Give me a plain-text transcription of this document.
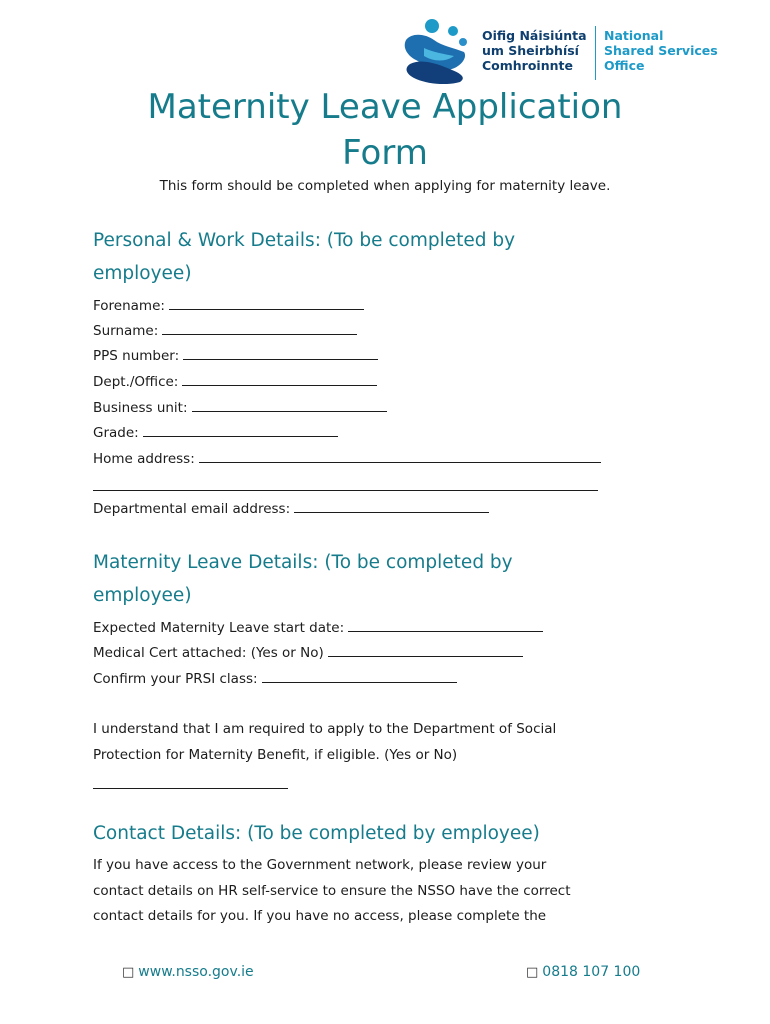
Oifig Náisiúnta
um Sheirbhísí
Comhroinnte
National
Shared Services
Office
Maternity Leave Application
Form
This form should be completed when applying for maternity leave.
Personal & Work Details: (To be completed by
employee)
Forename:
Surname:
PPS number:
Dept./Office:
Business unit:
Grade:
Home address:
Departmental email address:
Maternity Leave Details: (To be completed by
employee)
Expected Maternity Leave start date:
Medical Cert attached: (Yes or No)
Confirm your PRSI class:

I understand that I am required to apply to the Department of Social
Protection for Maternity Benefit, if eligible. (Yes or No)

Contact Details: (To be completed by employee)

If you have access to the Government network, please review your
contact details on HR self-service to ensure the NSSO have the correct
contact details for you. If you have no access, please complete the

□ www.nsso.gov.ie	□ 0818 107 100
